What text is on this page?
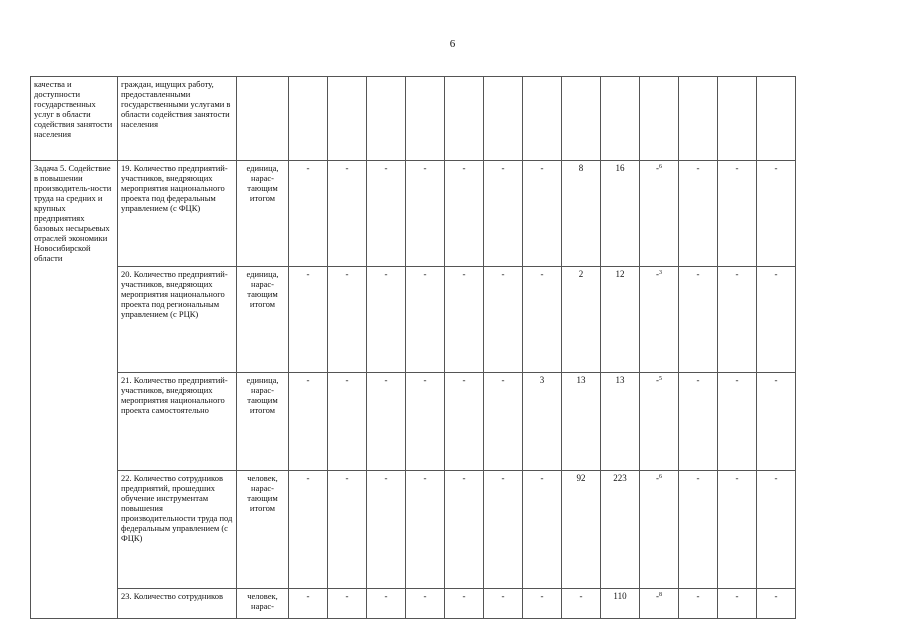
6
качества и доступности государственных услуг в области содействия занятости населения	граждан, ищущих работу, предоставленными государственными услугами в области содействия занятости населения															
Задача 5. Содействие в повышении производитель-ности труда на средних и крупных предприятиях базовых несырьевых отраслей экономики Новосибирской области	19. Количество предприятий-участников, внедряющих мероприятия национального проекта под федеральным управлением (с ФЦК)	единица, нарас-тающим итогом	-	-	-	-	-	-	-	8	16	-$^6$	-	-	-	
	20. Количество предприятий-участников, внедряющих мероприятия национального проекта под региональным управлением (с РЦК)	единица, нарас-тающим итогом	-	-	-	-	-	-	-	2	12	-$^3$	-	-	-
	21. Количество предприятий-участников, внедряющих мероприятия национального проекта самостоятельно	единица, нарас-тающим итогом	-	-	-	-	-	-	3	13	13	-$^5$	-	-	-
	22. Количество сотрудников предприятий, прошедших обучение инструментам повышения производительности труда под федеральным управлением (с ФЦК)	человек, нарас-тающим итогом	-	-	-	-	-	-	-	92	223	-$^6$	-	-	-	
	23. Количество сотрудников	человек, нарас-	-	-	-	-	-	-	-	-	110	-$^8$	-	-	-
